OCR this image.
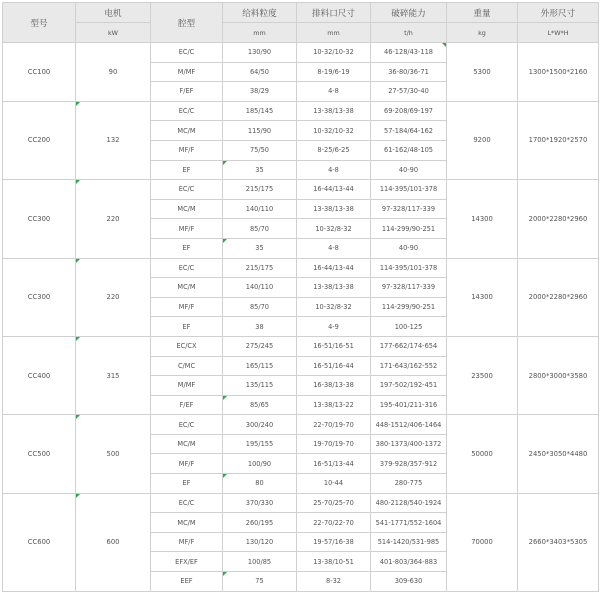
型号	电机	腔型	给料粒度	排料口尺寸	破碎能力	重量	外形尺寸
	kW		mm	mm	t/h	kg	L*W*H
CC100	90	EC/C	130/90	10-32/10-32	46-128/43-118	5300	1300*1500*2160
		M/MF	64/50	8-19/6-19	36-80/36-71		
		F/EF	38/29	4-8	27-57/30-40		
CC200	132	EC/C	185/145	13-38/13-38	69-208/69-197	9200	1700*1920*2570
		MC/M	115/90	10-32/10-32	57-184/64-162		
		MF/F	75/50	8-25/6-25	61-162/48-105		
		EF	35	4-8	40-90		
CC300	220	EC/C	215/175	16-44/13-44	114-395/101-378	14300	2000*2280*2960
		MC/M	140/110	13-38/13-38	97-328/117-339		
		MF/F	85/70	10-32/8-32	114-299/90-251		
		EF	35	4-8	40-90		
CC300	220	EC/C	215/175	16-44/13-44	114-395/101-378	14300	2000*2280*2960
		MC/M	140/110	13-38/13-38	97-328/117-339		
		MF/F	85/70	10-32/8-32	114-299/90-251		
		EF	38	4-9	100-125		
CC400	315	EC/CX	275/245	16-51/16-51	177-662/174-654	23500	2800*3000*3580
		C/MC	165/115	16-51/16-44	171-643/162-552		
		M/MF	135/115	16-38/13-38	197-502/192-451		
		F/EF	85/65	13-38/13-22	195-401/211-316		
CC500	500	EC/C	300/240	22-70/19-70	448-1512/406-1464	50000	2450*3050*4480
		MC/M	195/155	19-70/19-70	380-1373/400-1372		
		MF/F	100/90	16-51/13-44	379-928/357-912		
		EF	80	10-44	280-775		
CC600	600	EC/C	370/330	25-70/25-70	480-2128/540-1924	70000	2660*3403*5305
		MC/M	260/195	22-70/22-70	541-1771/552-1604		
		MF/F	130/120	19-57/16-38	514-1420/531-985		
		EFX/EF	100/85	13-38/10-51	401-803/364-883		
		EEF	75	8-32	309-630		
